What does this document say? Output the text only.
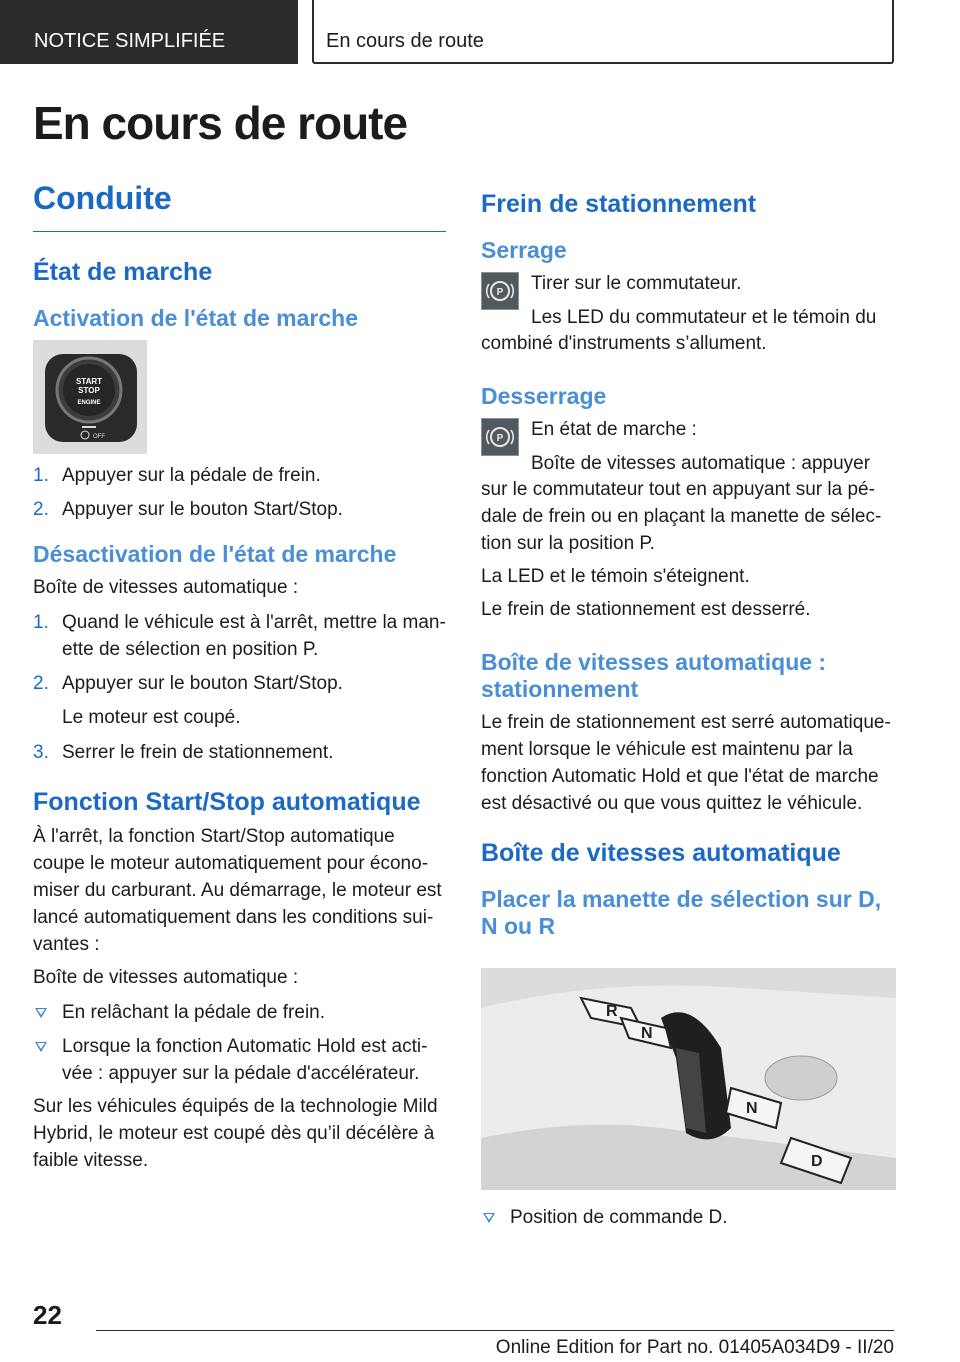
NOTICE SIMPLIFIÉE	En cours de route
En cours de route
Conduite
État de marche
Activation de l'état de marche
START
STOP
ENGINE
OFF
1. Appuyer sur la pédale de frein.
2. Appuyer sur le bouton Start/Stop.
Désactivation de l'état de marche

Boîte de vitesses automatique :

1. Quand le véhicule est à l'arrêt, mettre la man‐ ette de sélection en position P.
2. Appuyer sur le bouton Start/Stop.
Le moteur est coupé.
3. Serrer le frein de stationnement.
Fonction Start/Stop automatique

À l'arrêt, la fonction Start/Stop automatique coupe le moteur automatiquement pour écono‐ miser du carburant. Au démarrage, le moteur est lancé automatiquement dans les conditions sui‐ vantes :

Boîte de vitesses automatique :

En relâchant la pédale de frein.
Lorsque la fonction Automatic Hold est acti‐ vée : appuyer sur la pédale d'accélérateur.

Sur les véhicules équipés de la technologie Mild Hybrid, le moteur est coupé dès qu’il décélère à faible vitesse.

Frein de stationnement
Serrage
P	Tirer sur le commutateur.
Les LED du commutateur et le témoin du

combiné d'instruments s’allument.

Desserrage
P	En état de marche :
Boîte de vitesses automatique : appuyer

sur le commutateur tout en appuyant sur la pé‐ dale de frein ou en plaçant la manette de sélec‐ tion sur la position P.

La LED et le témoin s'éteignent.

Le frein de stationnement est desserré.

Boîte de vitesses automatique : stationnement

Le frein de stationnement est serré automatique‐ ment lorsque le véhicule est maintenu par la fonction Automatic Hold et que l'état de marche est désactivé ou que vous quittez le véhicule.

Boîte de vitesses automatique
Placer la manette de sélection sur D, N ou R
R
N
N
D
Position de commande D.
22
Online Edition for Part no. 01405A034D9 - II/20
